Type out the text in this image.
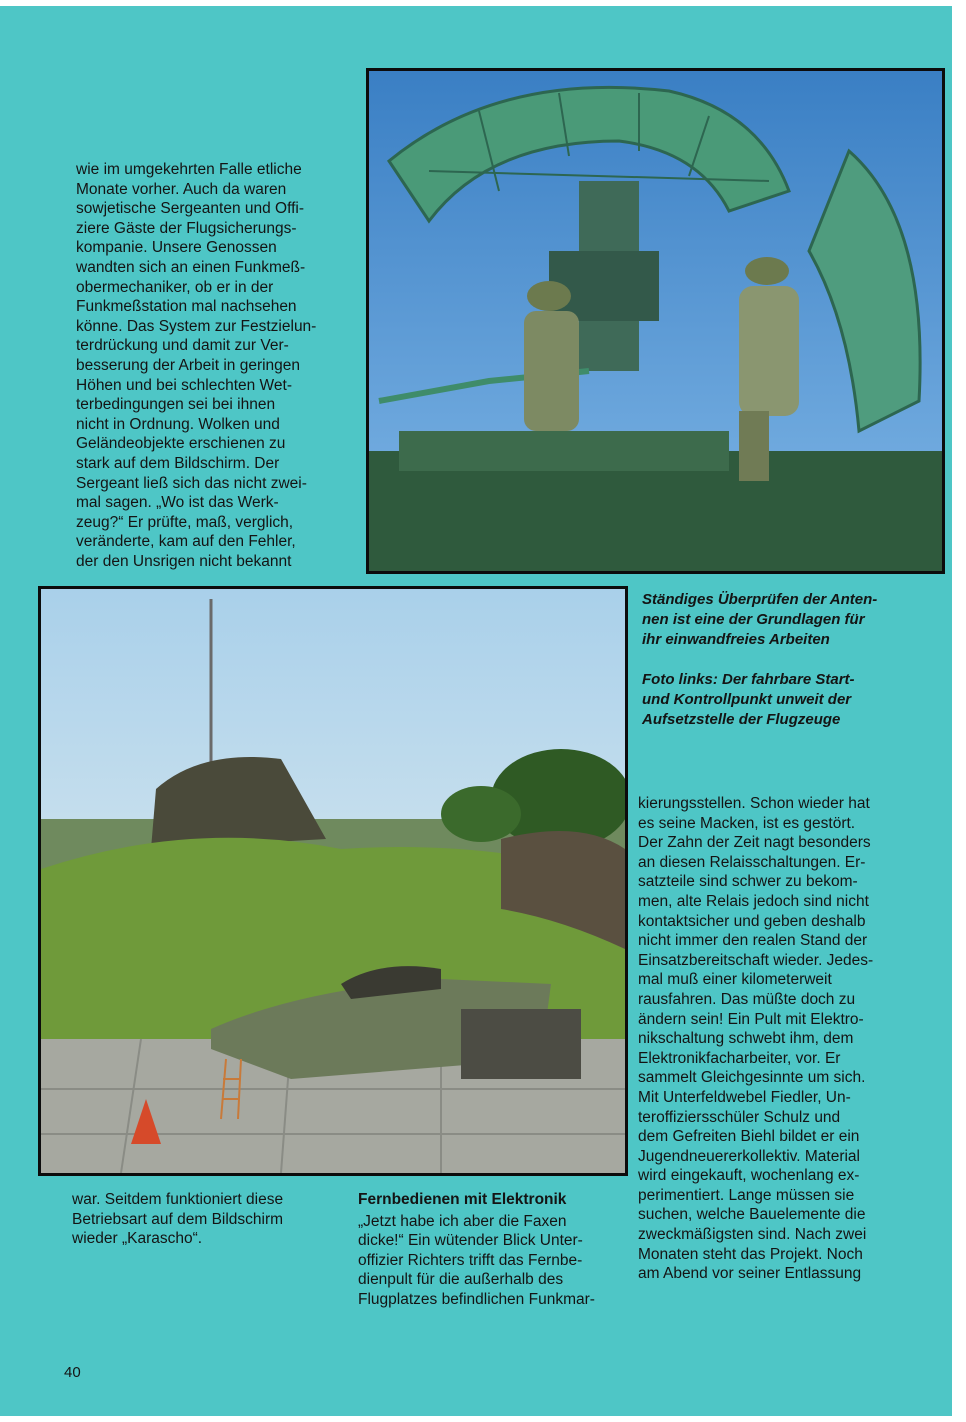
wie im umgekehrten Falle etliche

Monate vorher. Auch da waren

sowjetische Sergeanten und Offi-

ziere Gäste der Flugsicherungs-

kompanie. Unsere Genossen

wandten sich an einen Funkmeß-

obermechaniker, ob er in der

Funkmeßstation mal nachsehen

könne. Das System zur Festzielun-

terdrückung und damit zur Ver-

besserung der Arbeit in geringen

Höhen und bei schlechten Wet-

terbedingungen sei bei ihnen

nicht in Ordnung. Wolken und

Geländeobjekte erschienen zu

stark auf dem Bildschirm. Der

Sergeant ließ sich das nicht zwei-

mal sagen. „Wo ist das Werk-

zeug?“ Er prüfte, maß, verglich,

veränderte, kam auf den Fehler,

der den Unsrigen nicht bekannt

Ständiges Überprüfen der Anten-

nen ist eine der Grundlagen für

ihr einwandfreies Arbeiten

Foto links: Der fahrbare Start-

und Kontrollpunkt unweit der

Aufsetzstelle der Flugzeuge

kierungsstellen. Schon wieder hat

es seine Macken, ist es gestört.

Der Zahn der Zeit nagt besonders

an diesen Relaisschaltungen. Er-

satzteile sind schwer zu bekom-

men, alte Relais jedoch sind nicht

kontaktsicher und geben deshalb

nicht immer den realen Stand der

Einsatzbereitschaft wieder. Jedes-

mal muß einer kilometerweit

rausfahren. Das müßte doch zu

ändern sein! Ein Pult mit Elektro-

nikschaltung schwebt ihm, dem

Elektronikfacharbeiter, vor. Er

sammelt Gleichgesinnte um sich.

Mit Unterfeldwebel Fiedler, Un-

teroffiziersschüler Schulz und

dem Gefreiten Biehl bildet er ein

Jugendneuererkollektiv. Material

wird eingekauft, wochenlang ex-

perimentiert. Lange müssen sie

suchen, welche Bauelemente die

zweckmäßigsten sind. Nach zwei

Monaten steht das Projekt. Noch

am Abend vor seiner Entlassung

war. Seitdem funktioniert diese

Betriebsart auf dem Bildschirm

wieder „Karascho“.

Fernbedienen mit Elektronik

„Jetzt habe ich aber die Faxen

dicke!“ Ein wütender Blick Unter-

offizier Richters trifft das Fernbe-

dienpult für die außerhalb des

Flugplatzes befindlichen Funkmar-

40
